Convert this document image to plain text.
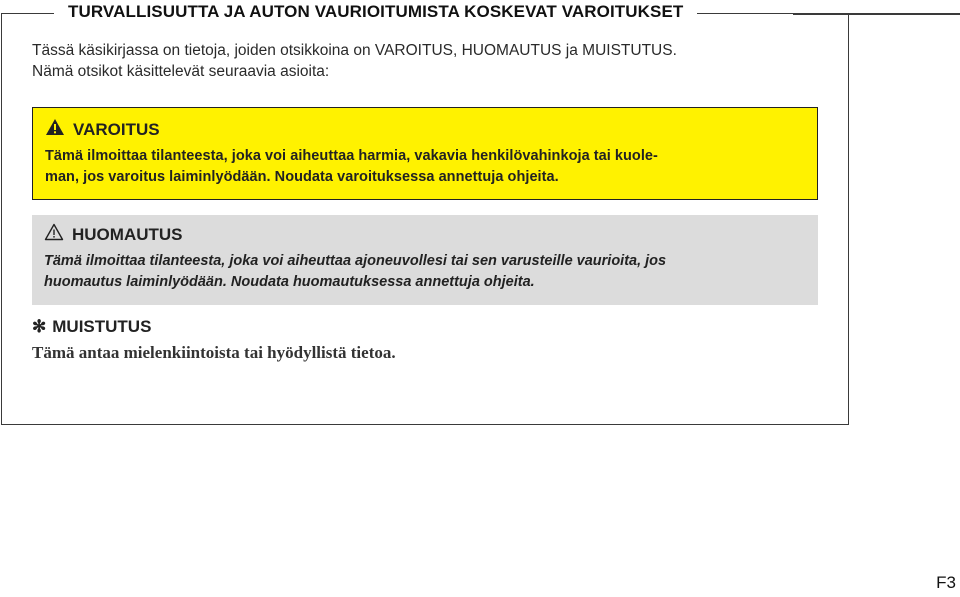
TURVALLISUUTTA JA AUTON VAURIOITUMISTA KOSKEVAT VAROITUKSET
Tässä käsikirjassa on tietoja, joiden otsikkoina on VAROITUS, HUOMAUTUS ja MUISTUTUS.
Nämä otsikot käsittelevät seuraavia asioita:
VAROITUS
Tämä ilmoittaa tilanteesta, joka voi aiheuttaa harmia, vakavia henkilövahinkoja tai kuole-
man, jos varoitus laiminlyödään. Noudata varoituksessa annettuja ohjeita.
HUOMAUTUS
Tämä ilmoittaa tilanteesta, joka voi aiheuttaa ajoneuvollesi tai sen varusteille vaurioita, jos
huomautus laiminlyödään. Noudata huomautuksessa annettuja ohjeita.
✻ MUISTUTUS
Tämä antaa mielenkiintoista tai hyödyllistä tietoa.
F3
